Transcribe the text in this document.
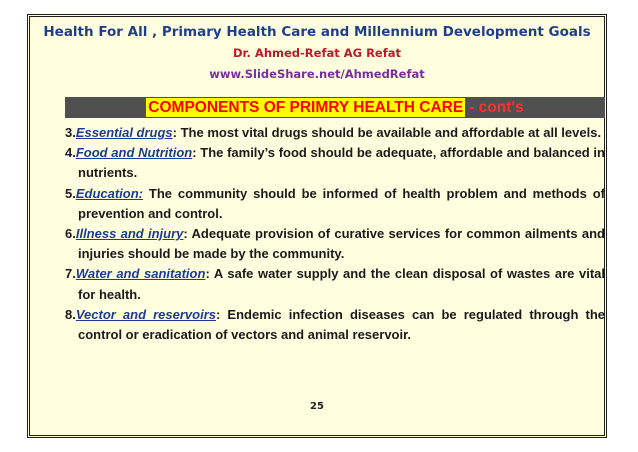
Health For All , Primary Health Care and Millennium Development Goals
Dr. Ahmed-Refat AG Refat
www.SlideShare.net/AhmedRefat
COMPONENTS OF PRIMRY HEALTH CARE - cont's

3.Essential drugs: The most vital drugs should be available and affordable at all levels.

4.Food and Nutrition: The family’s food should be adequate, affordable and balanced in nutrients.

5.Education: The community should be informed of health problem and methods of prevention and control.

6.Illness and injury: Adequate provision of curative services for common ailments and injuries should be made by the community.

7.Water and sanitation: A safe water supply and the clean disposal of wastes are vital for health.

8.Vector and reservoirs: Endemic infection diseases can be regulated through the control or eradication of vectors and animal reservoir.

25
